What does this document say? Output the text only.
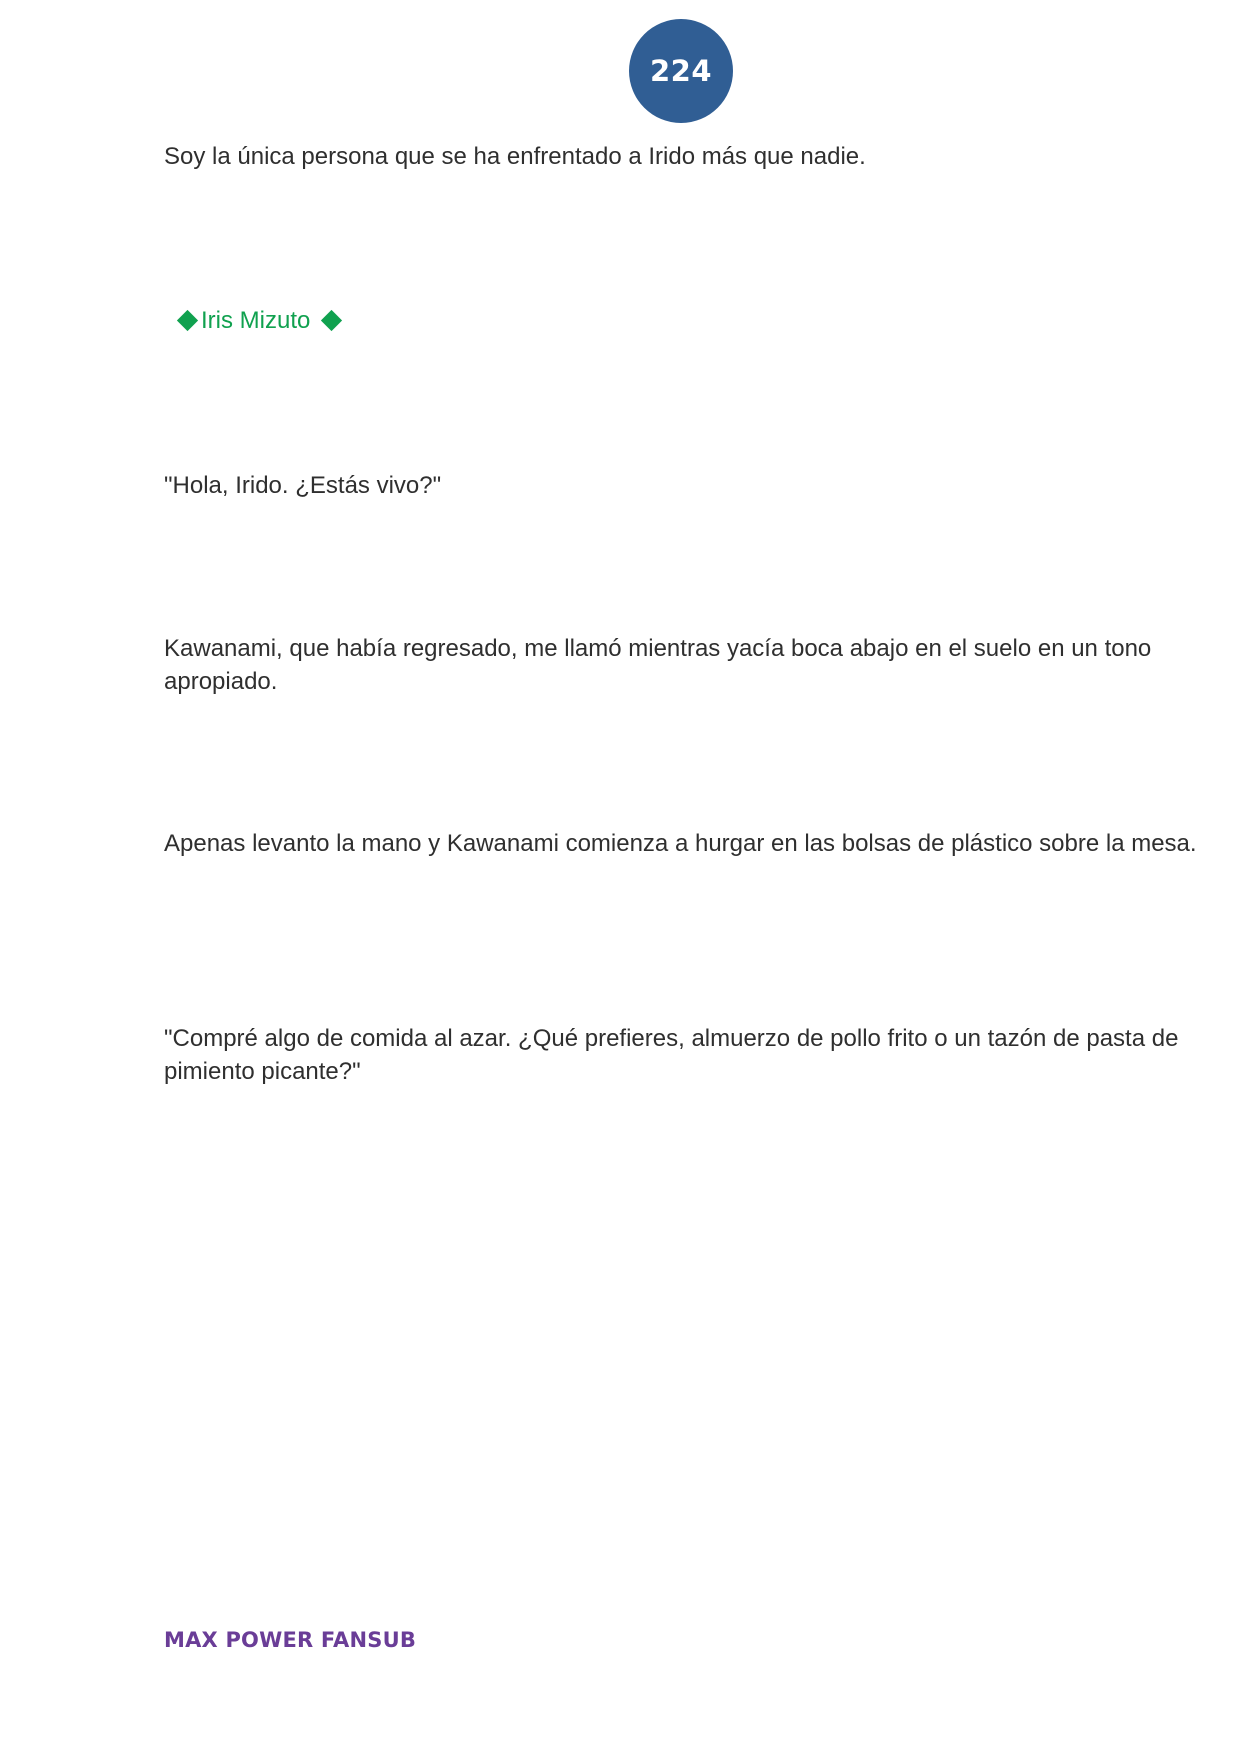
224

Soy la única persona que se ha enfrentado a Irido más que nadie.

Iris Mizuto

"Hola, Irido. ¿Estás vivo?"

Kawanami, que había regresado, me llamó mientras yacía boca abajo en el suelo en un tono apropiado.

Apenas levanto la mano y Kawanami comienza a hurgar en las bolsas de plástico sobre la mesa.

"Compré algo de comida al azar. ¿Qué prefieres, almuerzo de pollo frito o un tazón de pasta de pimiento picante?"

MAX POWER FANSUB
